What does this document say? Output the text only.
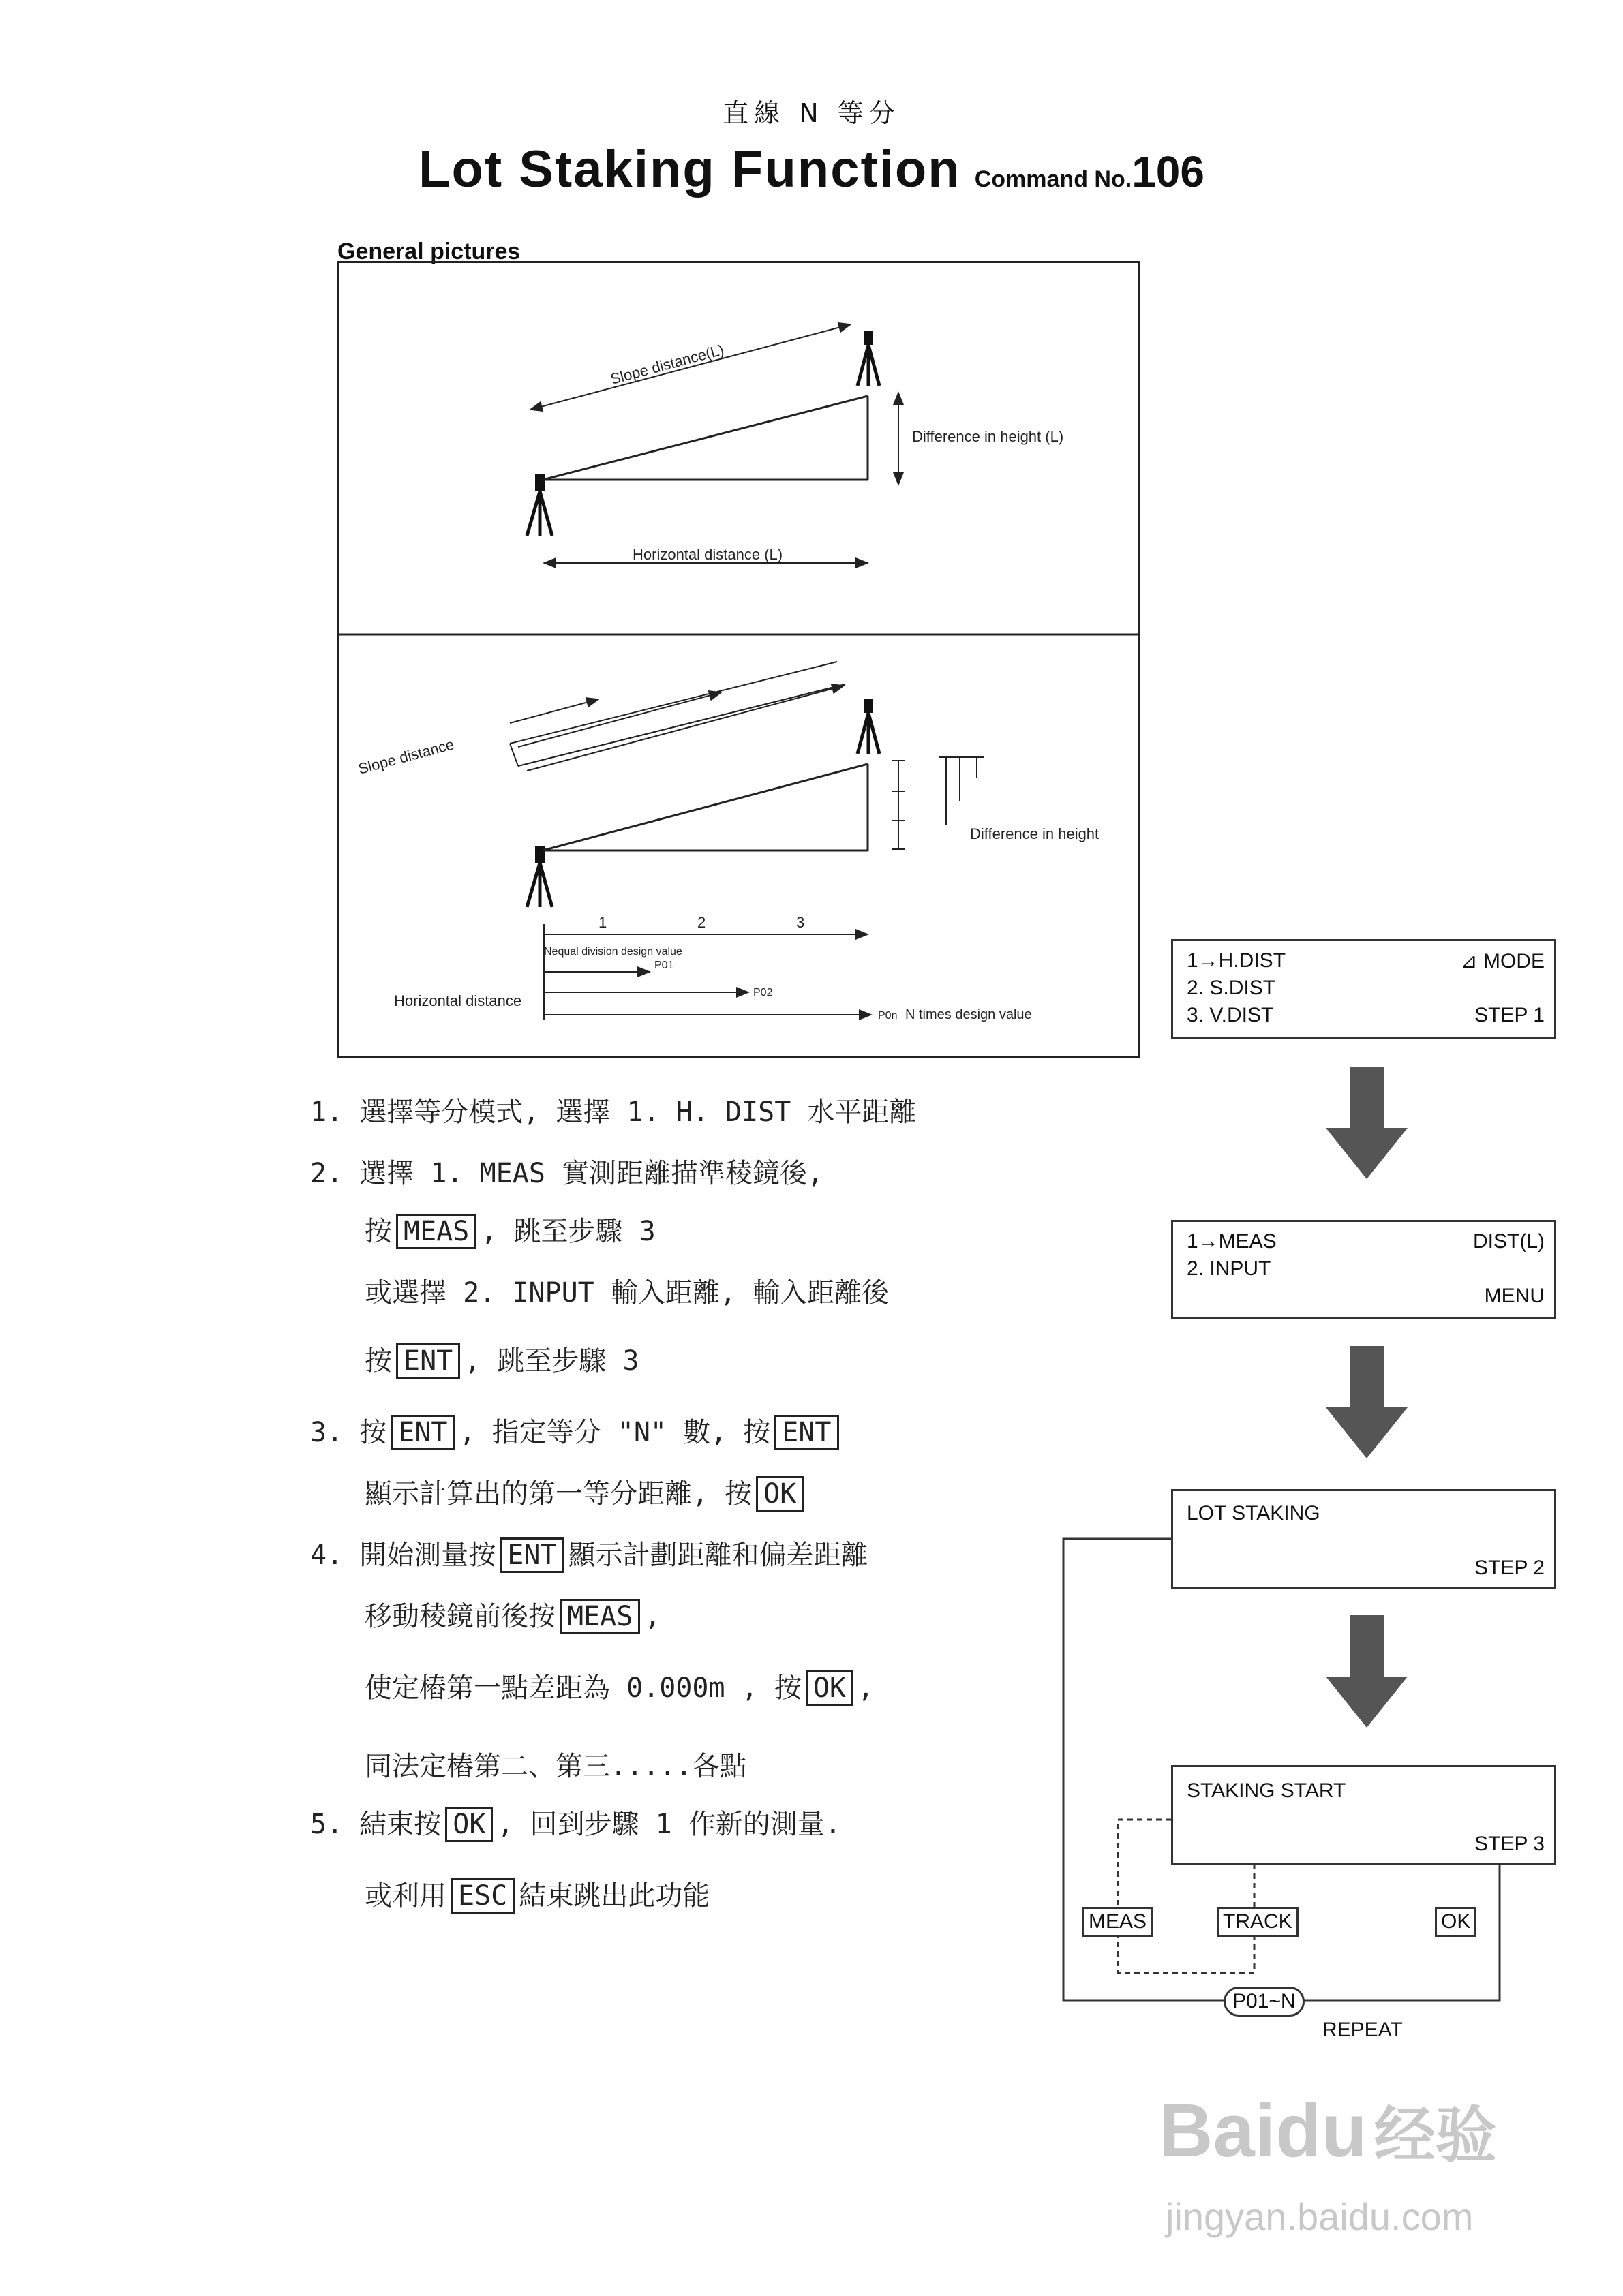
直線 N 等分
Lot Staking Function Command No.106
General pictures
Slope distance(L)
Difference in height (L)
Horizontal distance (L)
Slope distance
Difference in height
1	2	3
Nequal division design value
P01
P02
P0n N times design value
Horizontal distance
1. 選擇等分模式, 選擇 1. H. DIST 水平距離
2. 選擇 1. MEAS 實測距離描準稜鏡後,
按 MEAS , 跳至步驟 3
或選擇 2. INPUT 輸入距離, 輸入距離後
按 ENT , 跳至步驟 3
3. 按 ENT , 指定等分 "N" 數, 按 ENT
顯示計算出的第一等分距離, 按 OK
4. 開始測量按 ENT 顯示計劃距離和偏差距離
移動稜鏡前後按 MEAS ,
使定樁第一點差距為 0.000m , 按 OK ,
同法定樁第二、第三.....各點
5. 結束按 OK , 回到步驟 1 作新的測量.
或利用 ESC 結束跳出此功能
1→H.DIST	⊿ MODE
2. S.DIST
3. V.DIST	STEP 1
1→MEAS	DIST(L)
2. INPUT
MENU
LOT STAKING
STEP 2
STAKING START
STEP 3
MEAS	TRACK	OK
P01~N
REPEAT
Baidu 经验
jingyan.baidu.com
